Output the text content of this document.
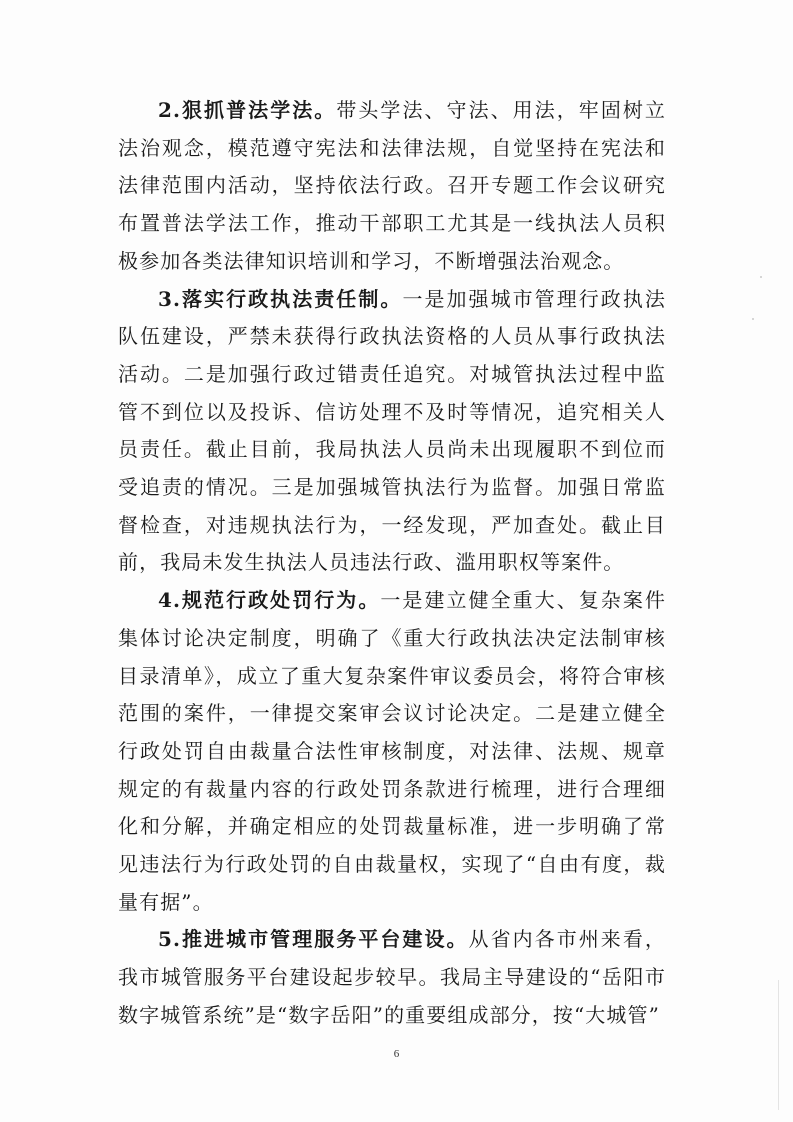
2.狠抓普法学法。带头学法、守法、用法，牢固树立法治观念，模范遵守宪法和法律法规，自觉坚持在宪法和法律范围内活动，坚持依法行政。召开专题工作会议研究布置普法学法工作，推动干部职工尤其是一线执法人员积极参加各类法律知识培训和学习，不断增强法治观念。

3.落实行政执法责任制。一是加强城市管理行政执法队伍建设，严禁未获得行政执法资格的人员从事行政执法活动。二是加强行政过错责任追究。对城管执法过程中监管不到位以及投诉、信访处理不及时等情况，追究相关人员责任。截止目前，我局执法人员尚未出现履职不到位而受追责的情况。三是加强城管执法行为监督。加强日常监督检查，对违规执法行为，一经发现，严加查处。截止目前，我局未发生执法人员违法行政、滥用职权等案件。

4.规范行政处罚行为。一是建立健全重大、复杂案件集体讨论决定制度，明确了《重大行政执法决定法制审核目录清单》，成立了重大复杂案件审议委员会，将符合审核范围的案件，一律提交案审会议讨论决定。二是建立健全行政处罚自由裁量合法性审核制度，对法律、法规、规章规定的有裁量内容的行政处罚条款进行梳理，进行合理细化和分解，并确定相应的处罚裁量标准，进一步明确了常见违法行为行政处罚的自由裁量权，实现了“自由有度，裁量有据”。

5.推进城市管理服务平台建设。从省内各市州来看，我市城管服务平台建设起步较早。我局主导建设的“岳阳市数字城管系统”是“数字岳阳”的重要组成部分，按“大城管”

6
